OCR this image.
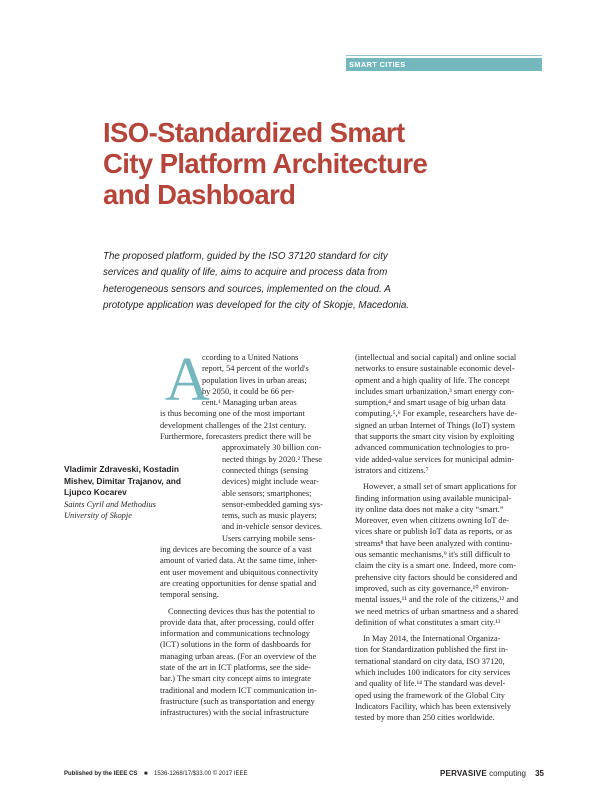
SMART CITIES
ISO-Standardized Smart
City Platform Architecture
and Dashboard
The proposed platform, guided by the ISO 37120 standard for city
services and quality of life, aims to acquire and process data from
heterogeneous sensors and sources, implemented on the cloud. A
prototype application was developed for the city of Skopje, Macedonia.
A
ccording to a United Nations
report, 54 percent of the world's
population lives in urban areas;
by 2050, it could be 66 per-
cent.¹ Managing urban areas
is thus becoming one of the most important
development challenges of the 21st century.
Furthermore, forecasters predict there will be
approximately 30 billion con-
nected things by 2020.² These
connected things (sensing
devices) might include wear-
able sensors; smartphones;
sensor-embedded gaming sys-
tems, such as music players;
and in-vehicle sensor devices.
Users carrying mobile sens-
ing devices are becoming the source of a vast
amount of varied data. At the same time, inher-
ent user movement and ubiquitous connectivity
are creating opportunities for dense spatial and
temporal sensing.
Connecting devices thus has the potential to
provide data that, after processing, could offer
information and communications technology
(ICT) solutions in the form of dashboards for
managing urban areas. (For an overview of the
state of the art in ICT platforms, see the side-
bar.) The smart city concept aims to integrate
traditional and modern ICT communication in-
frastructure (such as transportation and energy
infrastructures) with the social infrastructure
(intellectual and social capital) and online social
networks to ensure sustainable economic devel-
opment and a high quality of life. The concept
includes smart urbanization,³ smart energy con-
sumption,⁴ and smart usage of big urban data
computing.⁵,⁶ For example, researchers have de-
signed an urban Internet of Things (IoT) system
that supports the smart city vision by exploiting
advanced communication technologies to pro-
vide added-value services for municipal admin-
istrators and citizens.⁷
However, a small set of smart applications for
finding information using available municipal-
ity online data does not make a city “smart.”
Moreover, even when citizens owning IoT de-
vices share or publish IoT data as reports, or as
streams⁸ that have been analyzed with continu-
ous semantic mechanisms,⁹ it's still difficult to
claim the city is a smart one. Indeed, more com-
prehensive city factors should be considered and
improved, such as city governance,¹⁰ environ-
mental issues,¹¹ and the role of the citizens,¹² and
we need metrics of urban smartness and a shared
definition of what constitutes a smart city.¹³
In May 2014, the International Organiza-
tion for Standardization published the first in-
ternational standard on city data, ISO 37120,
which includes 100 indicators for city services
and quality of life.¹⁴ The standard was devel-
oped using the framework of the Global City
Indicators Facility, which has been extensively
tested by more than 250 cities worldwide.
Vladimir Zdraveski, Kostadin
Mishev, Dimitar Trajanov, and
Ljupco Kocarev
Saints Cyril and Methodius
University of Skopje
Published by the IEEE CS ■ 1536-1268/17/$33.00 © 2017 IEEE	PERVASIVE computing 35
